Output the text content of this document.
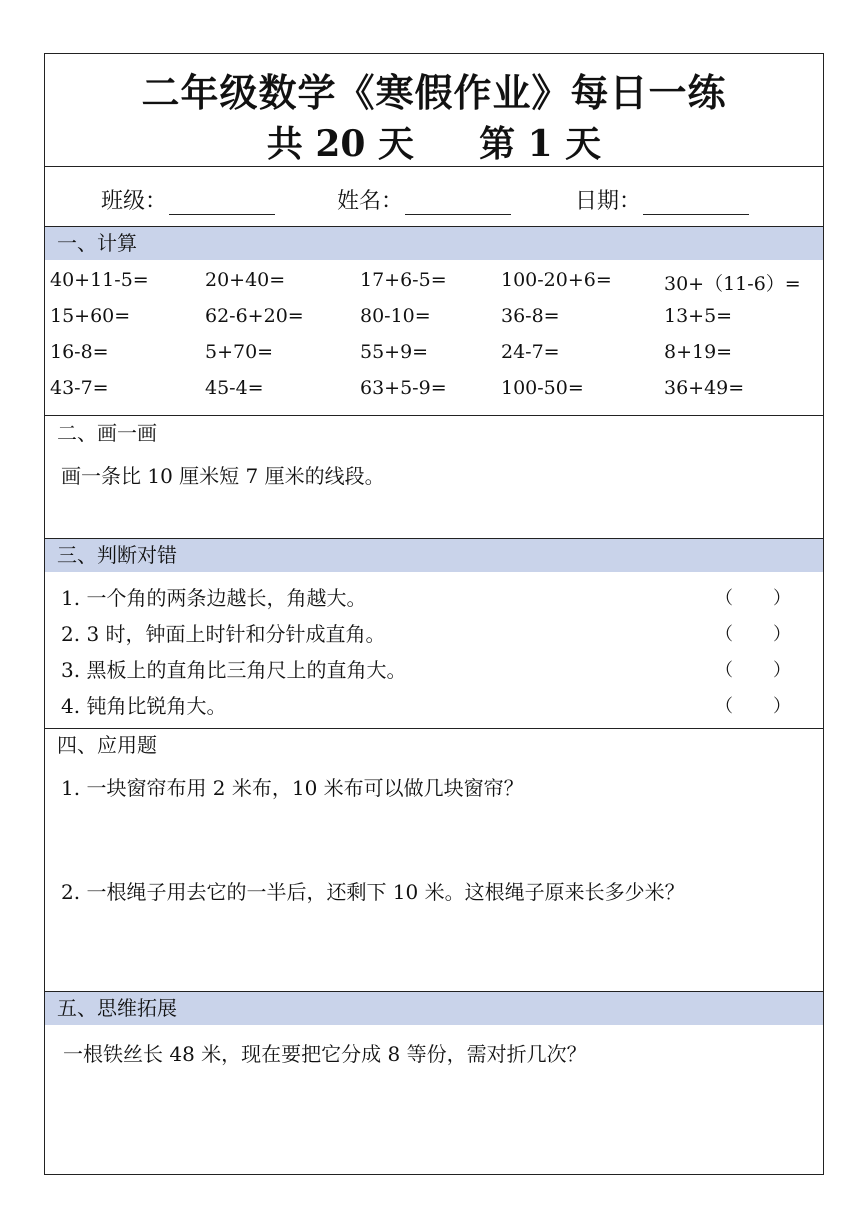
二年级数学《寒假作业》每日一练
共 20 天 第 1 天
班级：	姓名：	日期：
一、计算
40+11-5=	20+40=	17+6-5=	100-20+6=	30+（11-6）=
15+60=	62-6+20=	80-10=	36-8=	13+5=
16-8=	5+70=	55+9=	24-7=	8+19=
43-7=	45-4=	63+5-9=	100-50=	36+49=
二、画一画
画一条比 10 厘米短 7 厘米的线段。
三、判断对错
1. 一个角的两条边越长，角越大。	（       ）
2. 3 时，钟面上时针和分针成直角。	（       ）
3. 黑板上的直角比三角尺上的直角大。	（       ）
4. 钝角比锐角大。	（       ）
四、应用题
1. 一块窗帘布用 2 米布，10 米布可以做几块窗帘？
2. 一根绳子用去它的一半后，还剩下 10 米。这根绳子原来长多少米？
五、思维拓展
一根铁丝长 48 米，现在要把它分成 8 等份，需对折几次？
